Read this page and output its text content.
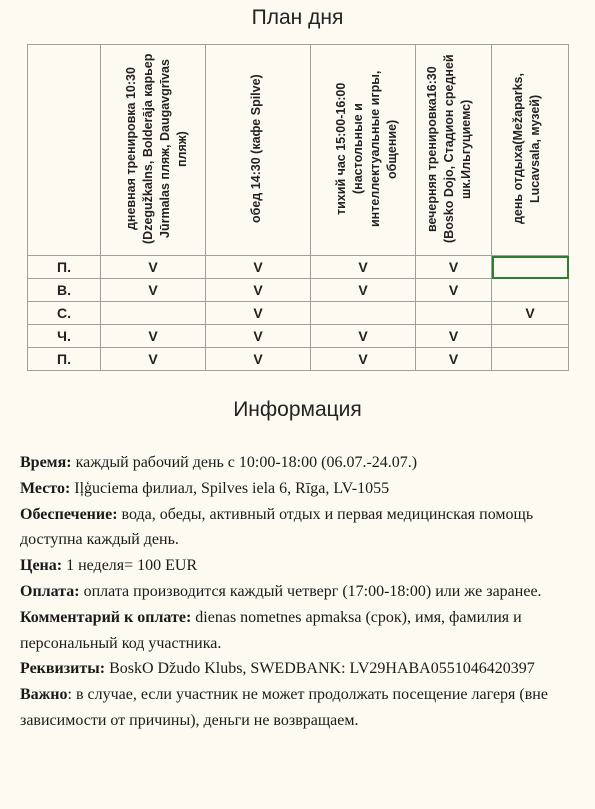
План дня

	дневная тренировка 10:30 (Dzegužkalns, Bolderāja карьер Jūrmalas пляж, Daugavgrīvas пляж)	обед 14:30 (кафе Spilve)	тихий час 15:00-16:00 (настольные и интеллектуальные игры, общение)	вечерняя тренировка16:30 (Bosko Dojo, Стадион средней шк.Ильгуциемс)	день отдыха(Mežaparks, Lucavsala, музей)

П.	V	V	V	V	
В.	V	V	V	V	
С.		V			V
Ч.	V	V	V	V	
П.	V	V	V	V	
Информация

Время: каждый рабочий день с 10:00-18:00 (06.07.-24.07.)

Место: Iļģuciema филиал, Spilves iela 6, Rīga, LV-1055

Обеспечение: вода, обеды, активный отдых и первая медицинская помощь доступна каждый день.

Цена: 1 неделя= 100 EUR

Оплата: оплата производится каждый четверг (17:00-18:00) или же заранее.

Комментарий к оплате: dienas nometnes apmaksa (срок), имя, фамилия и персональный код участника.

Реквизиты: BoskO Džudo Klubs, SWEDBANK: LV29HABA0551046420397

Важно: в случае, если участник не может продолжать посещение лагеря (вне зависимости от причины), деньги не возвращаем.
